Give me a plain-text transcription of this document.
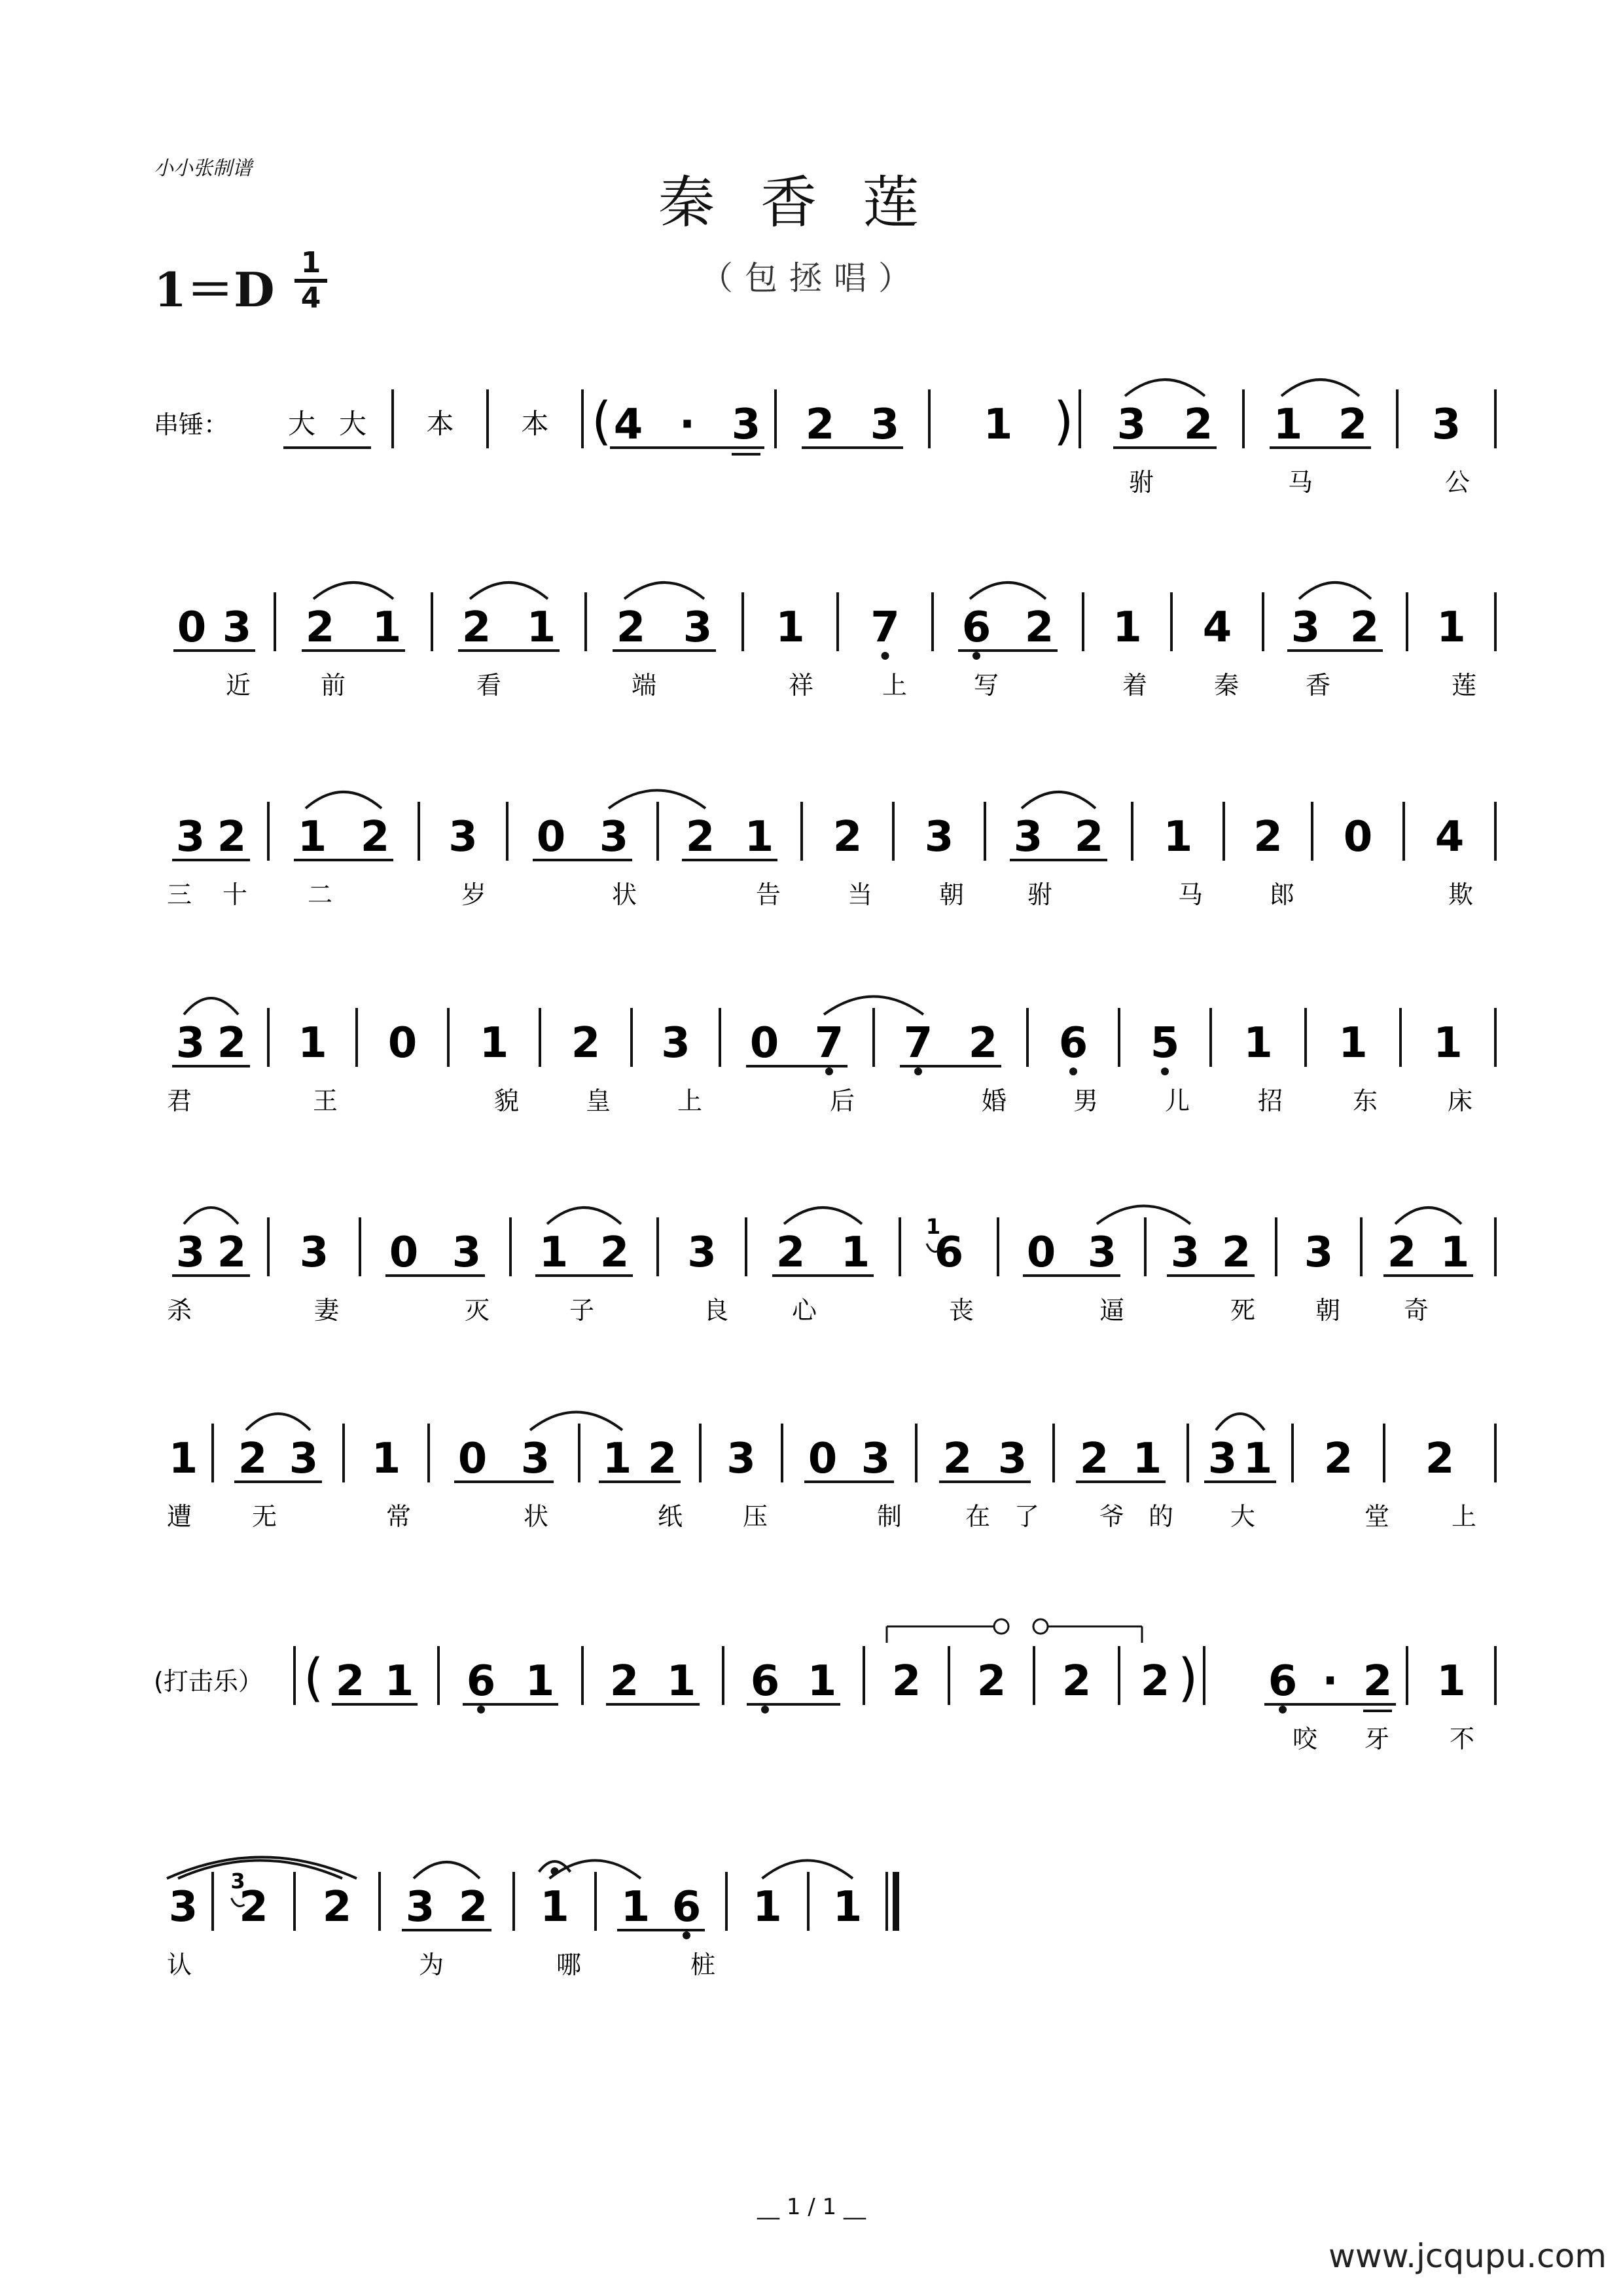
小小张制谱
秦香莲
（包拯唱）
1＝D 1
4
串锤： 大 大 本 本 ( 4 · 3 2 3	)
1 3 2 1 2 3
驸	马	公
0 3 2 1 2 1 2 3 1 7 6 2 1 4 3 2 1
近	前	看	端	祥	上	写	着	秦	香	莲
3 2 1 2 3 0 3 2 1 2 3 3 2 1 2 0 4
三 十 二	岁	状	告	当	朝	驸	马	郎	欺
3 2 1 0 1 2 3 0 7 7 2 6 5 1 1 1
君	王	貌	皇	上	后	婚	男	儿	招	东	床
3 2 3 0 3 1 2 3 2 1 6
1
0 3 3 2 3 2 1
杀	妻	灭	子	良	心	丧	逼	死 朝	奇
1 2 3 1 0 3 1 2 3 0 3 2 3 2 1 3 1 2 2
遭 无	常	状	纸 压	制	在 了 爷 的 大	堂 上
(打击乐） ( 2 1 6 1 2 1 6 1 2 2 2 )
2 6 · 2 1
咬 牙 不
3 2
3
2 3 2 1 1 6 1 1
认	为	哪	桩
__ 1 / 1 __
www.jcqupu.com
